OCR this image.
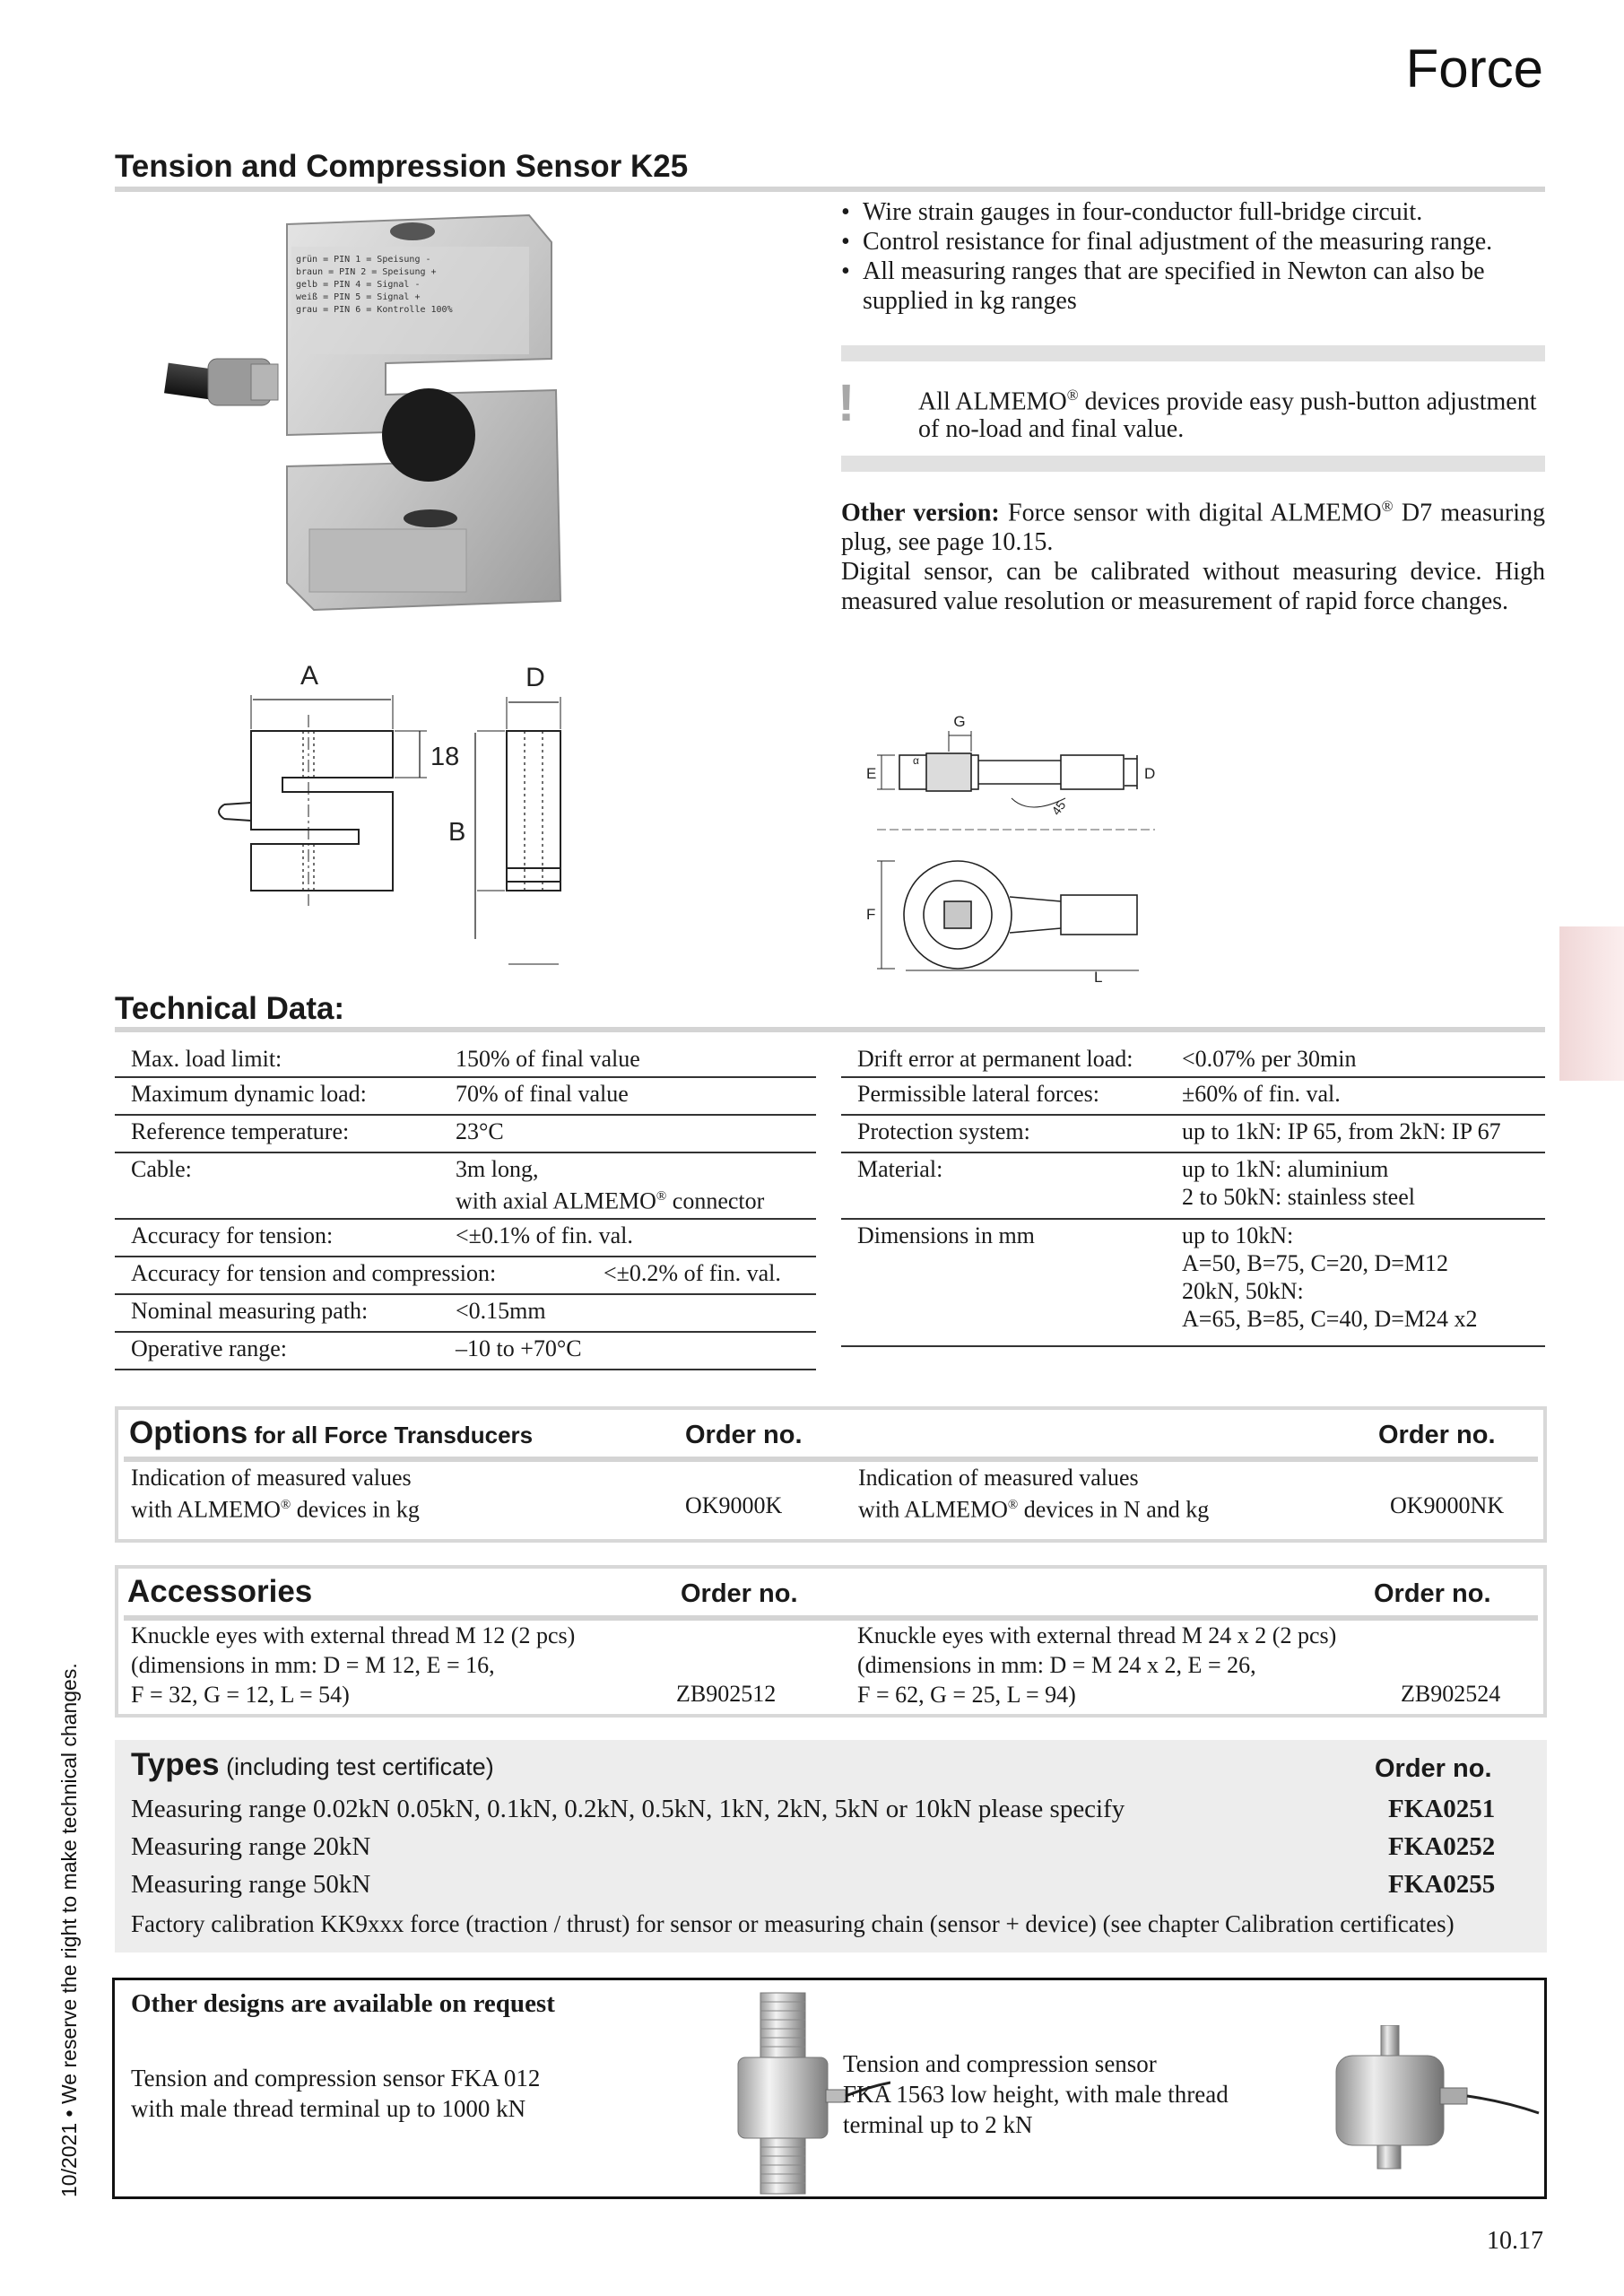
Force
Tension and Compression Sensor K25
• Wire strain gauges in four-conductor full-bridge circuit.
• Control resistance for final adjustment of the measuring range.
• All measuring ranges that are specified in Newton can also be supplied in kg ranges
!	All ALMEMO® devices provide easy push-button adjustment of no-load and final value.
Other version: Force sensor with digital ALMEMO® D7 measuring plug, see page 10.15.
Digital sensor, can be calibrated without measuring device. High measured value resolution or measurement of rapid force changes.
grün = PIN 1 = Speisung -
braun = PIN 2 = Speisung +
gelb = PIN 4 = Signal -
weiß = PIN 5 = Signal +
grau = PIN 6 = Kontrolle 100%
A	D
18
B
G
E	D
α
45
F
L
Technical Data:
Max. load limit:	150% of final value
Maximum dynamic load:	70% of final value
Reference temperature:	23°C
Cable:	3m long,
with axial ALMEMO® connector
Accuracy for tension:	<±0.1% of fin. val.
Accuracy for tension and compression:	<±0.2% of fin. val.
Nominal measuring path:	<0.15mm
Operative range:	–10 to +70°C
Drift error at permanent load: <0.07% per 30min
Permissible lateral forces:	±60% of fin. val.
Protection system:	up to 1kN: IP 65, from 2kN: IP 67
Material:	up to 1kN: aluminium
2 to 50kN: stainless steel
Dimensions in mm	up to 10kN:
A=50, B=75, C=20, D=M12
20kN, 50kN:
A=65, B=85, C=40, D=M24 x2
Options for all Force Transducers	Order no.	Order no.
Indication of measured values
with ALMEMO® devices in kg	OK9000K
Indication of measured values
with ALMEMO® devices in N and kg	OK9000NK
Accessories	Order no.	Order no.
Knuckle eyes with external thread M 12 (2 pcs)
(dimensions in mm: D = M 12, E = 16,
F = 32, G = 12, L = 54)	ZB902512
Knuckle eyes with external thread M 24 x 2 (2 pcs)
(dimensions in mm: D = M 24 x 2, E = 26,
F = 62, G = 25, L = 94)	ZB902524
Types (including test certificate)	Order no.
Measuring range 0.02kN 0.05kN, 0.1kN, 0.2kN, 0.5kN, 1kN, 2kN, 5kN or 10kN please specify	FKA0251
Measuring range 20kN	FKA0252
Measuring range 50kN	FKA0255
Factory calibration KK9xxx force (traction / thrust) for sensor or measuring chain (sensor + device) (see chapter Calibration certificates)
Other designs are available on request
Tension and compression sensor FKA 012
with male thread terminal up to 1000 kN
Tension and compression sensor
FKA 1563 low height, with male thread
terminal up to 2 kN
10/2021 • We reserve the right to make technical changes.
10.17
